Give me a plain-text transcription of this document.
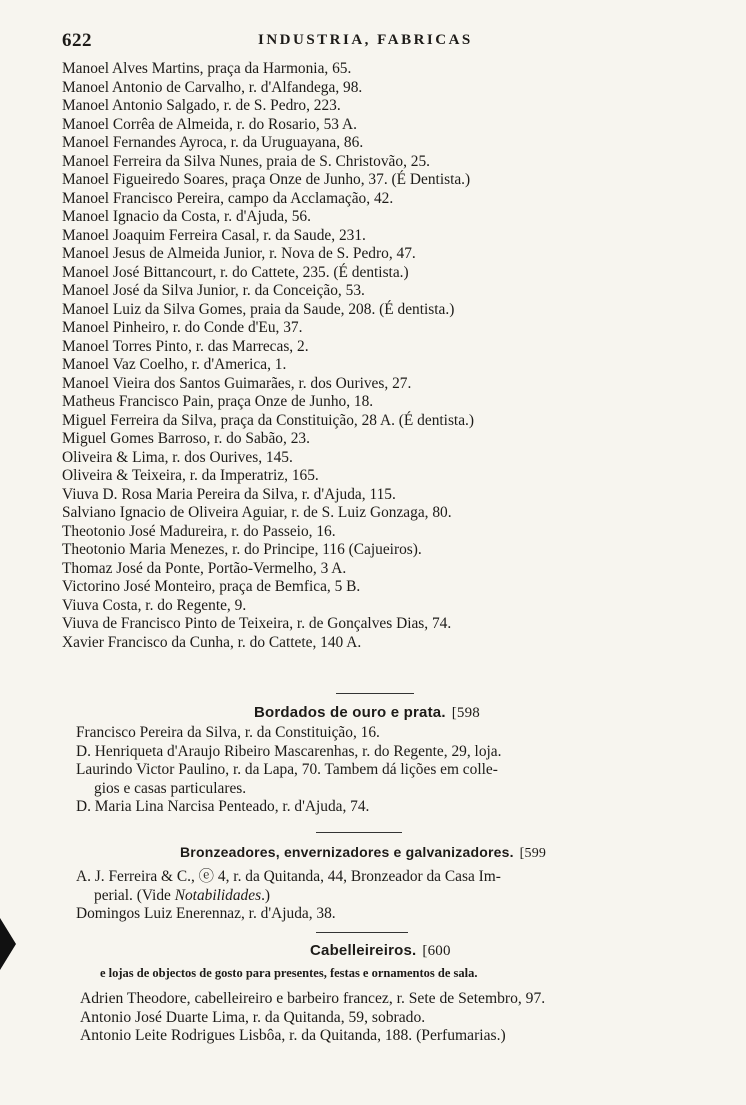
622	INDUSTRIA, FABRICAS
Manoel Alves Martins, praça da Harmonia, 65.
Manoel Antonio de Carvalho, r. d'Alfandega, 98.
Manoel Antonio Salgado, r. de S. Pedro, 223.
Manoel Corrêa de Almeida, r. do Rosario, 53 A.
Manoel Fernandes Ayroca, r. da Uruguayana, 86.
Manoel Ferreira da Silva Nunes, praia de S. Christovão, 25.
Manoel Figueiredo Soares, praça Onze de Junho, 37. (É Dentista.)
Manoel Francisco Pereira, campo da Acclamação, 42.
Manoel Ignacio da Costa, r. d'Ajuda, 56.
Manoel Joaquim Ferreira Casal, r. da Saude, 231.
Manoel Jesus de Almeida Junior, r. Nova de S. Pedro, 47.
Manoel José Bittancourt, r. do Cattete, 235. (É dentista.)
Manoel José da Silva Junior, r. da Conceição, 53.
Manoel Luiz da Silva Gomes, praia da Saude, 208. (É dentista.)
Manoel Pinheiro, r. do Conde d'Eu, 37.
Manoel Torres Pinto, r. das Marrecas, 2.
Manoel Vaz Coelho, r. d'America, 1.
Manoel Vieira dos Santos Guimarães, r. dos Ourives, 27.
Matheus Francisco Pain, praça Onze de Junho, 18.
Miguel Ferreira da Silva, praça da Constituição, 28 A. (É dentista.)
Miguel Gomes Barroso, r. do Sabão, 23.
Oliveira & Lima, r. dos Ourives, 145.
Oliveira & Teixeira, r. da Imperatriz, 165.
Viuva D. Rosa Maria Pereira da Silva, r. d'Ajuda, 115.
Salviano Ignacio de Oliveira Aguiar, r. de S. Luiz Gonzaga, 80.
Theotonio José Madureira, r. do Passeio, 16.
Theotonio Maria Menezes, r. do Principe, 116 (Cajueiros).
Thomaz José da Ponte, Portão-Vermelho, 3 A.
Victorino José Monteiro, praça de Bemfica, 5 B.
Viuva Costa, r. do Regente, 9.
Viuva de Francisco Pinto de Teixeira, r. de Gonçalves Dias, 74.
Xavier Francisco da Cunha, r. do Cattete, 140 A.
Bordados de ouro e prata. [598
Francisco Pereira da Silva, r. da Constituição, 16.
D. Henriqueta d'Araujo Ribeiro Mascarenhas, r. do Regente, 29, loja.
Laurindo Victor Paulino, r. da Lapa, 70. Tambem dá lições em colle-
gios e casas particulares.
D. Maria Lina Narcisa Penteado, r. d'Ajuda, 74.
Bronzeadores, envernizadores e galvanizadores. [599
A. J. Ferreira & C., ⓔ 4, r. da Quitanda, 44, Bronzeador da Casa Im-
perial. (Vide Notabilidades.)
Domingos Luiz Enerennaz, r. d'Ajuda, 38.
Cabelleireiros. [600
e lojas de objectos de gosto para presentes, festas e ornamentos de sala.
Adrien Theodore, cabelleireiro e barbeiro francez, r. Sete de Setembro, 97.
Antonio José Duarte Lima, r. da Quitanda, 59, sobrado.
Antonio Leite Rodrigues Lisbôa, r. da Quitanda, 188. (Perfumarias.)
